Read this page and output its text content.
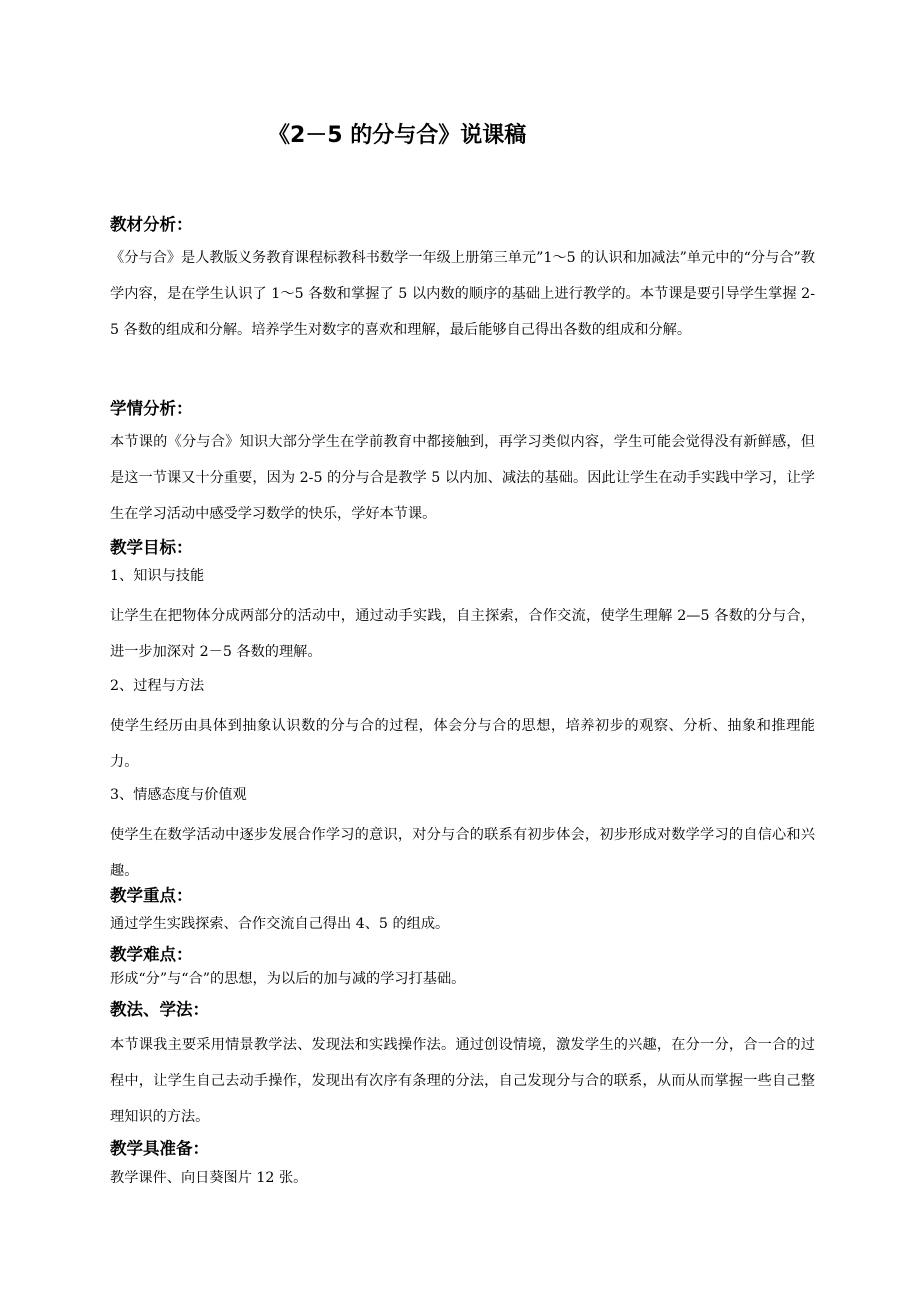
《2－5 的分与合》说课稿
教材分析：
《分与合》是人教版义务教育课程标教科书数学一年级上册第三单元”1～5 的认识和加减法”单元中的“分与合”教学内容，是在学生认识了 1～5 各数和掌握了 5 以内数的顺序的基础上进行教学的。本节课是要引导学生掌握 2-5 各数的组成和分解。培养学生对数字的喜欢和理解，最后能够自己得出各数的组成和分解。
学情分析：
本节课的《分与合》知识大部分学生在学前教育中都接触到，再学习类似内容，学生可能会觉得没有新鲜感，但是这一节课又十分重要，因为 2-5 的分与合是教学 5 以内加、减法的基础。因此让学生在动手实践中学习，让学生在学习活动中感受学习数学的快乐，学好本节课。
教学目标：
1、知识与技能
让学生在把物体分成两部分的活动中，通过动手实践，自主探索，合作交流，使学生理解 2—5 各数的分与合，进一步加深对 2－5 各数的理解。
2、过程与方法
使学生经历由具体到抽象认识数的分与合的过程，体会分与合的思想，培养初步的观察、分析、抽象和推理能力。
3、情感态度与价值观
使学生在数学活动中逐步发展合作学习的意识，对分与合的联系有初步体会，初步形成对数学学习的自信心和兴趣。
教学重点：
通过学生实践探索、合作交流自己得出 4、5 的组成。
教学难点：
形成“分”与“合”的思想，为以后的加与减的学习打基础。
教法、学法：
本节课我主要采用情景教学法、发现法和实践操作法。通过创设情境，激发学生的兴趣，在分一分，合一合的过程中，让学生自己去动手操作，发现出有次序有条理的分法，自己发现分与合的联系，从而从而掌握一些自己整理知识的方法。
教学具准备：
教学课件、向日葵图片 12 张。
